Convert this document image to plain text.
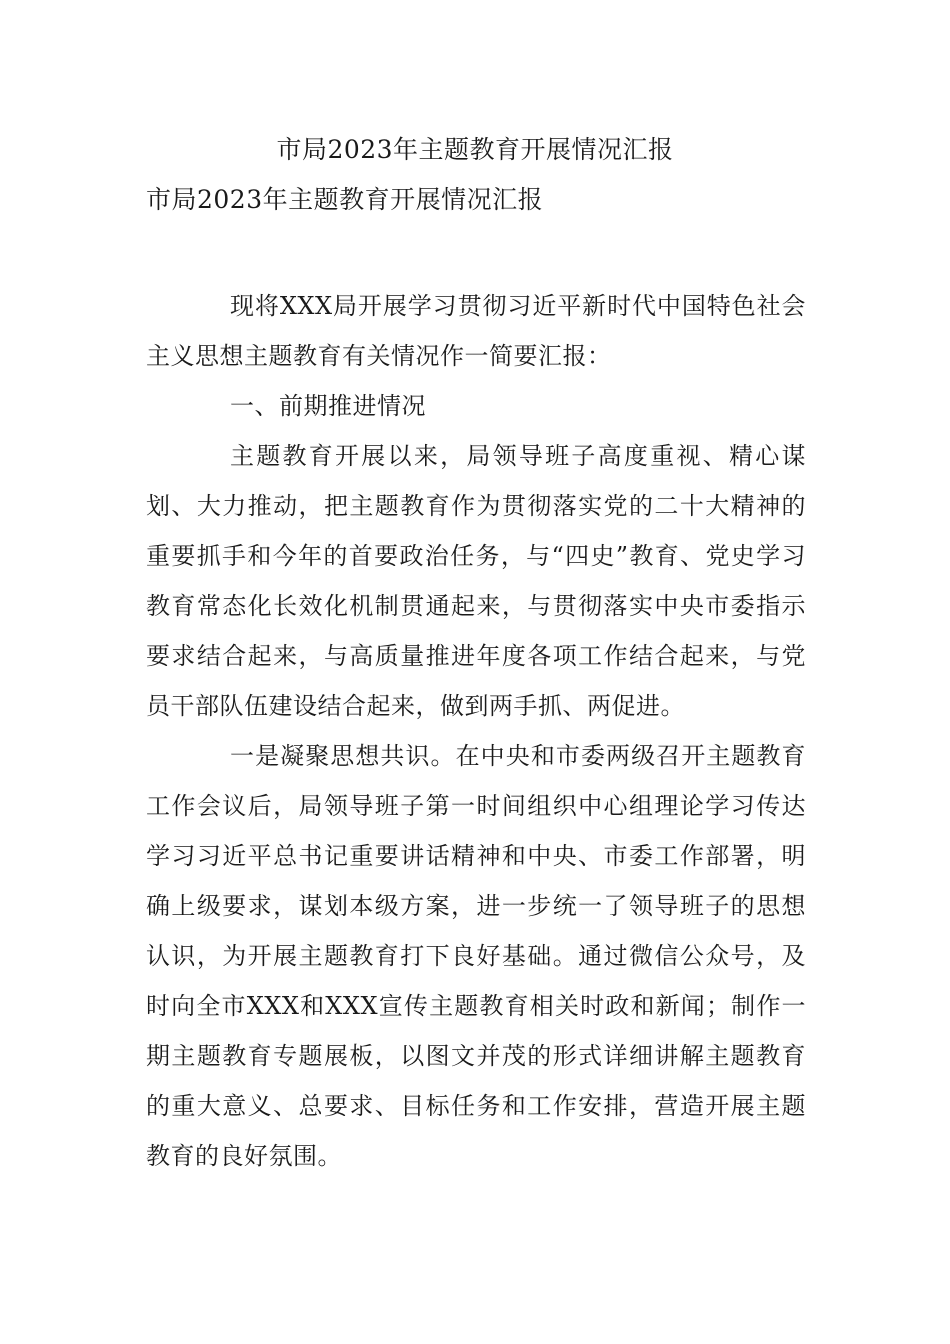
市局2023年主题教育开展情况汇报
市局2023年主题教育开展情况汇报

现将XXX局开展学习贯彻习近平新时代中国特色社会主义思想主题教育有关情况作一简要汇报：

一、前期推进情况

主题教育开展以来，局领导班子高度重视、精心谋划、大力推动，把主题教育作为贯彻落实党的二十大精神的重要抓手和今年的首要政治任务，与“四史”教育、党史学习教育常态化长效化机制贯通起来，与贯彻落实中央市委指示要求结合起来，与高质量推进年度各项工作结合起来，与党员干部队伍建设结合起来，做到两手抓、两促进。

一是凝聚思想共识。在中央和市委两级召开主题教育工作会议后，局领导班子第一时间组织中心组理论学习传达学习习近平总书记重要讲话精神和中央、市委工作部署，明确上级要求，谋划本级方案，进一步统一了领导班子的思想认识，为开展主题教育打下良好基础。通过微信公众号，及时向全市XXX和XXX宣传主题教育相关时政和新闻；制作一期主题教育专题展板，以图文并茂的形式详细讲解主题教育的重大意义、总要求、目标任务和工作安排，营造开展主题教育的良好氛围。
